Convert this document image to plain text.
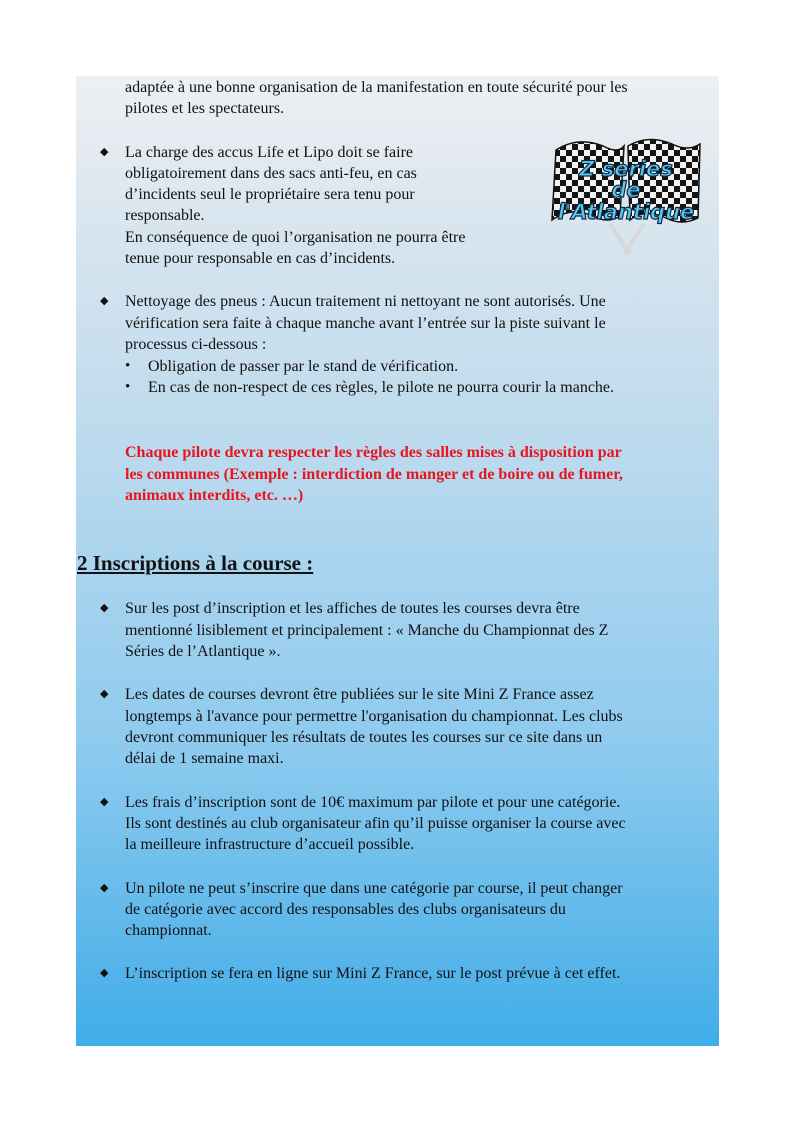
adaptée à une bonne organisation de la manifestation en toute sécurité pour les
pilotes et les spectateurs.
◆ La charge des accus Life et Lipo doit se faire
obligatoirement dans des sacs anti-feu, en cas
d’incidents seul le propriétaire sera tenu pour
responsable.
En conséquence de quoi l’organisation ne pourra être
tenue pour responsable en cas d’incidents.
Z series
de
l'Atlantique
◆ Nettoyage des pneus : Aucun traitement ni nettoyant ne sont autorisés. Une
vérification sera faite à chaque manche avant l’entrée sur la piste suivant le
processus ci-dessous :
• Obligation de passer par le stand de vérification.
• En cas de non-respect de ces règles, le pilote ne pourra courir la manche.
Chaque pilote devra respecter les règles des salles mises à disposition par
les communes (Exemple : interdiction de manger et de boire ou de fumer,
animaux interdits, etc. …)
2 Inscriptions à la course :
◆ Sur les post d’inscription et les affiches de toutes les courses devra être
mentionné lisiblement et principalement : « Manche du Championnat des Z
Séries de l’Atlantique ».
◆ Les dates de courses devront être publiées sur le site Mini Z France assez
longtemps à l'avance pour permettre l'organisation du championnat. Les clubs
devront communiquer les résultats de toutes les courses sur ce site dans un
délai de 1 semaine maxi.
◆ Les frais d’inscription sont de 10€ maximum par pilote et pour une catégorie.
Ils sont destinés au club organisateur afin qu’il puisse organiser la course avec
la meilleure infrastructure d’accueil possible.
◆ Un pilote ne peut s’inscrire que dans une catégorie par course, il peut changer
de catégorie avec accord des responsables des clubs organisateurs du
championnat.
◆ L’inscription se fera en ligne sur Mini Z France, sur le post prévue à cet effet.
